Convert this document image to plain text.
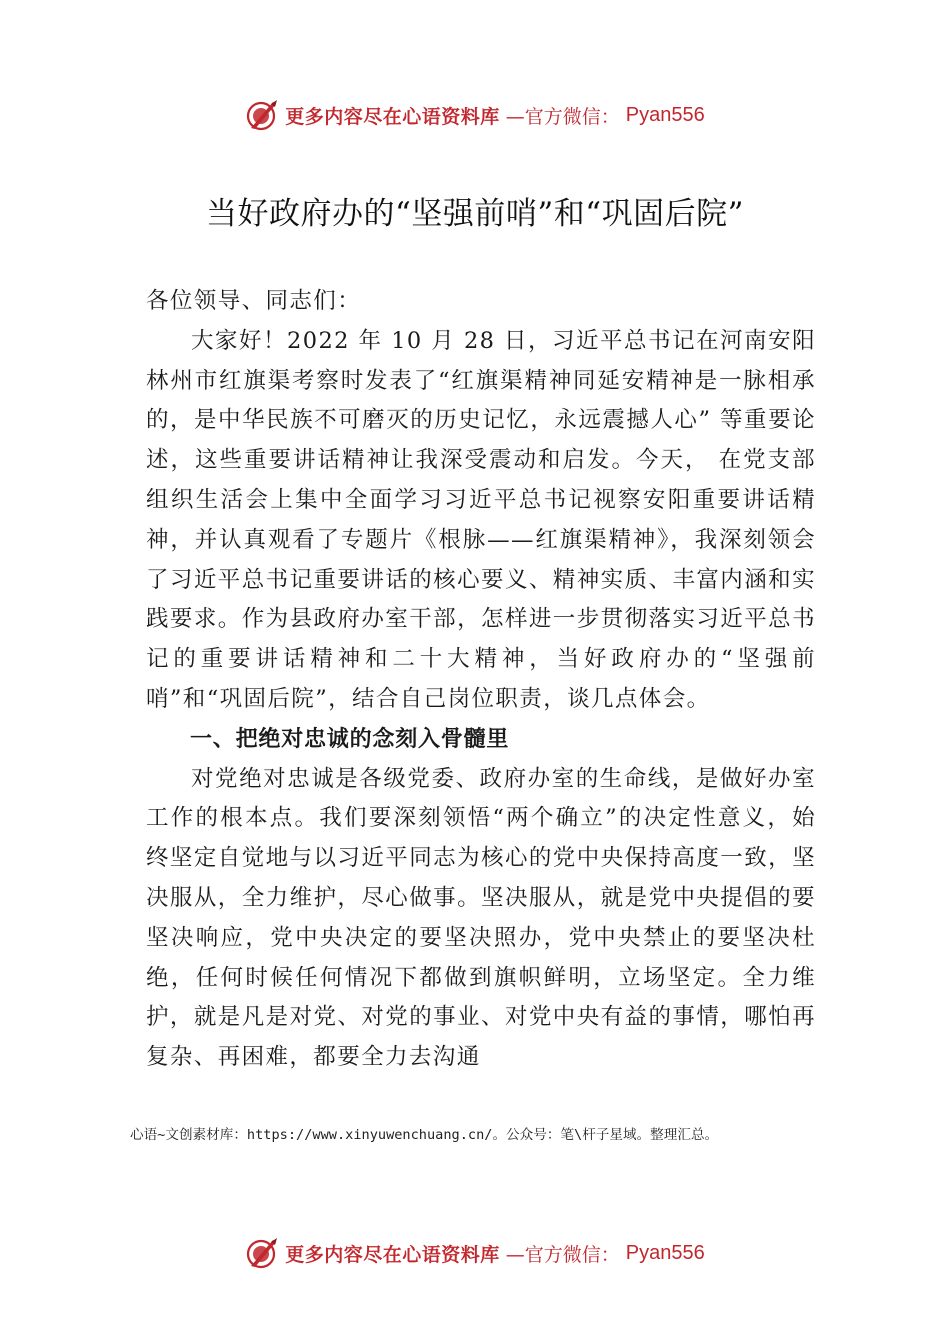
更多内容尽在心语资料库 —官方微信： Pyan556
当好政府办的“坚强前哨”和“巩固后院”

各位领导、同志们：

大家好！2022 年 10 月 28 日，习近平总书记在河南安阳林州市红旗渠考察时发表了“红旗渠精神同延安精神是一脉相承的，是中华民族不可磨灭的历史记忆，永远震撼人心” 等重要论述，这些重要讲话精神让我深受震动和启发。今天， 在党支部组织生活会上集中全面学习习近平总书记视察安阳重要讲话精神，并认真观看了专题片《根脉——红旗渠精神》，我深刻领会了习近平总书记重要讲话的核心要义、精神实质、丰富内涵和实践要求。作为县政府办室干部，怎样进一步贯彻落实习近平总书记的重要讲话精神和二十大精神，当好政府办的“坚强前哨”和“巩固后院”，结合自己岗位职责，谈几点体会。

一、把绝对忠诚的念刻入骨髓里

对党绝对忠诚是各级党委、政府办室的生命线，是做好办室工作的根本点。我们要深刻领悟“两个确立”的决定性意义，始终坚定自觉地与以习近平同志为核心的党中央保持高度一致，坚决服从，全力维护，尽心做事。坚决服从，就是党中央提倡的要坚决响应，党中央决定的要坚决照办，党中央禁止的要坚决杜绝，任何时候任何情况下都做到旗帜鲜明，立场坚定。全力维护，就是凡是对党、对党的事业、对党中央有益的事情，哪怕再复杂、再困难，都要全力去沟通

心语~文创素材库：https://www.xinyuwenchuang.cn/。公众号：笔\杆子星域。整理汇总。
更多内容尽在心语资料库 —官方微信： Pyan556
